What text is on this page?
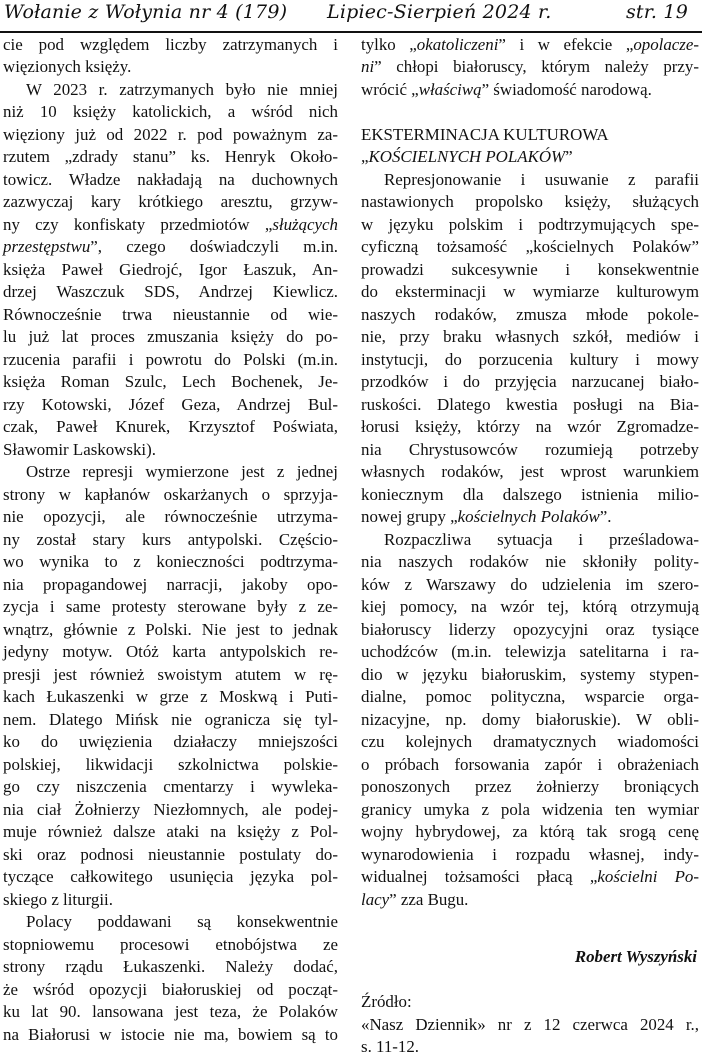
Wołanie z Wołynia nr 4 (179) Lipiec-Sierpień 2024 r.	str. 19
cie pod względem liczby zatrzymanych i
więzionych księży.
W 2023 r. zatrzymanych było nie mniej
niż 10 księży katolickich, a wśród nich
więziony już od 2022 r. pod poważnym za-
rzutem „zdrady stanu” ks. Henryk Około-
towicz. Władze nakładają na duchownych
zazwyczaj kary krótkiego aresztu, grzyw-
ny czy konfiskaty przedmiotów „służących
przestępstwu”, czego doświadczyli m.in.
księża Paweł Giedrojć, Igor Łaszuk, An-
drzej Waszczuk SDS, Andrzej Kiewlicz.
Równocześnie trwa nieustannie od wie-
lu już lat proces zmuszania księży do po-
rzucenia parafii i powrotu do Polski (m.in.
księża Roman Szulc, Lech Bochenek, Je-
rzy Kotowski, Józef Geza, Andrzej Bul-
czak, Paweł Knurek, Krzysztof Poświata,
Sławomir Laskowski).
Ostrze represji wymierzone jest z jednej
strony w kapłanów oskarżanych o sprzyja-
nie opozycji, ale równocześnie utrzyma-
ny został stary kurs antypolski. Częścio-
wo wynika to z konieczności podtrzyma-
nia propagandowej narracji, jakoby opo-
zycja i same protesty sterowane były z ze-
wnątrz, głównie z Polski. Nie jest to jednak
jedyny motyw. Otóż karta antypolskich re-
presji jest również swoistym atutem w rę-
kach Łukaszenki w grze z Moskwą i Puti-
nem. Dlatego Mińsk nie ogranicza się tyl-
ko do uwięzienia działaczy mniejszości
polskiej, likwidacji szkolnictwa polskie-
go czy niszczenia cmentarzy i wywleka-
nia ciał Żołnierzy Niezłomnych, ale podej-
muje również dalsze ataki na księży z Pol-
ski oraz podnosi nieustannie postulaty do-
tyczące całkowitego usunięcia języka pol-
skiego z liturgii.
Polacy poddawani są konsekwentnie
stopniowemu procesowi etnobójstwa ze
strony rządu Łukaszenki. Należy dodać,
że wśród opozycji białoruskiej od począt-
ku lat 90. lansowana jest teza, że Polaków
na Białorusi w istocie nie ma, bowiem są to
tylko „okatoliczeni” i w efekcie „opolacze-
ni” chłopi białoruscy, którym należy przy-
wrócić „właściwą” świadomość narodową.
EKSTERMINACJA KULTUROWA
„KOŚCIELNYCH POLAKÓW”
Represjonowanie i usuwanie z parafii
nastawionych propolsko księży, służących
w języku polskim i podtrzymujących spe-
cyficzną tożsamość „kościelnych Polaków”
prowadzi sukcesywnie i konsekwentnie
do eksterminacji w wymiarze kulturowym
naszych rodaków, zmusza młode pokole-
nie, przy braku własnych szkół, mediów i
instytucji, do porzucenia kultury i mowy
przodków i do przyjęcia narzucanej biało-
ruskości. Dlatego kwestia posługi na Bia-
łorusi księży, którzy na wzór Zgromadze-
nia Chrystusowców rozumieją potrzeby
własnych rodaków, jest wprost warunkiem
koniecznym dla dalszego istnienia milio-
nowej grupy „kościelnych Polaków”.
Rozpaczliwa sytuacja i prześladowa-
nia naszych rodaków nie skłoniły polity-
ków z Warszawy do udzielenia im szero-
kiej pomocy, na wzór tej, którą otrzymują
białoruscy liderzy opozycyjni oraz tysiące
uchodźców (m.in. telewizja satelitarna i ra-
dio w języku białoruskim, systemy stypen-
dialne, pomoc polityczna, wsparcie orga-
nizacyjne, np. domy białoruskie). W obli-
czu kolejnych dramatycznych wiadomości
o próbach forsowania zapór i obrażeniach
ponoszonych przez żołnierzy broniących
granicy umyka z pola widzenia ten wymiar
wojny hybrydowej, za którą tak srogą cenę
wynarodowienia i rozpadu własnej, indy-
widualnej tożsamości płacą „kościelni Po-
lacy” zza Bugu.
Robert Wyszyński
Źródło:
«Nasz Dziennik» nr z 12 czerwca 2024 r.,
s. 11-12.
